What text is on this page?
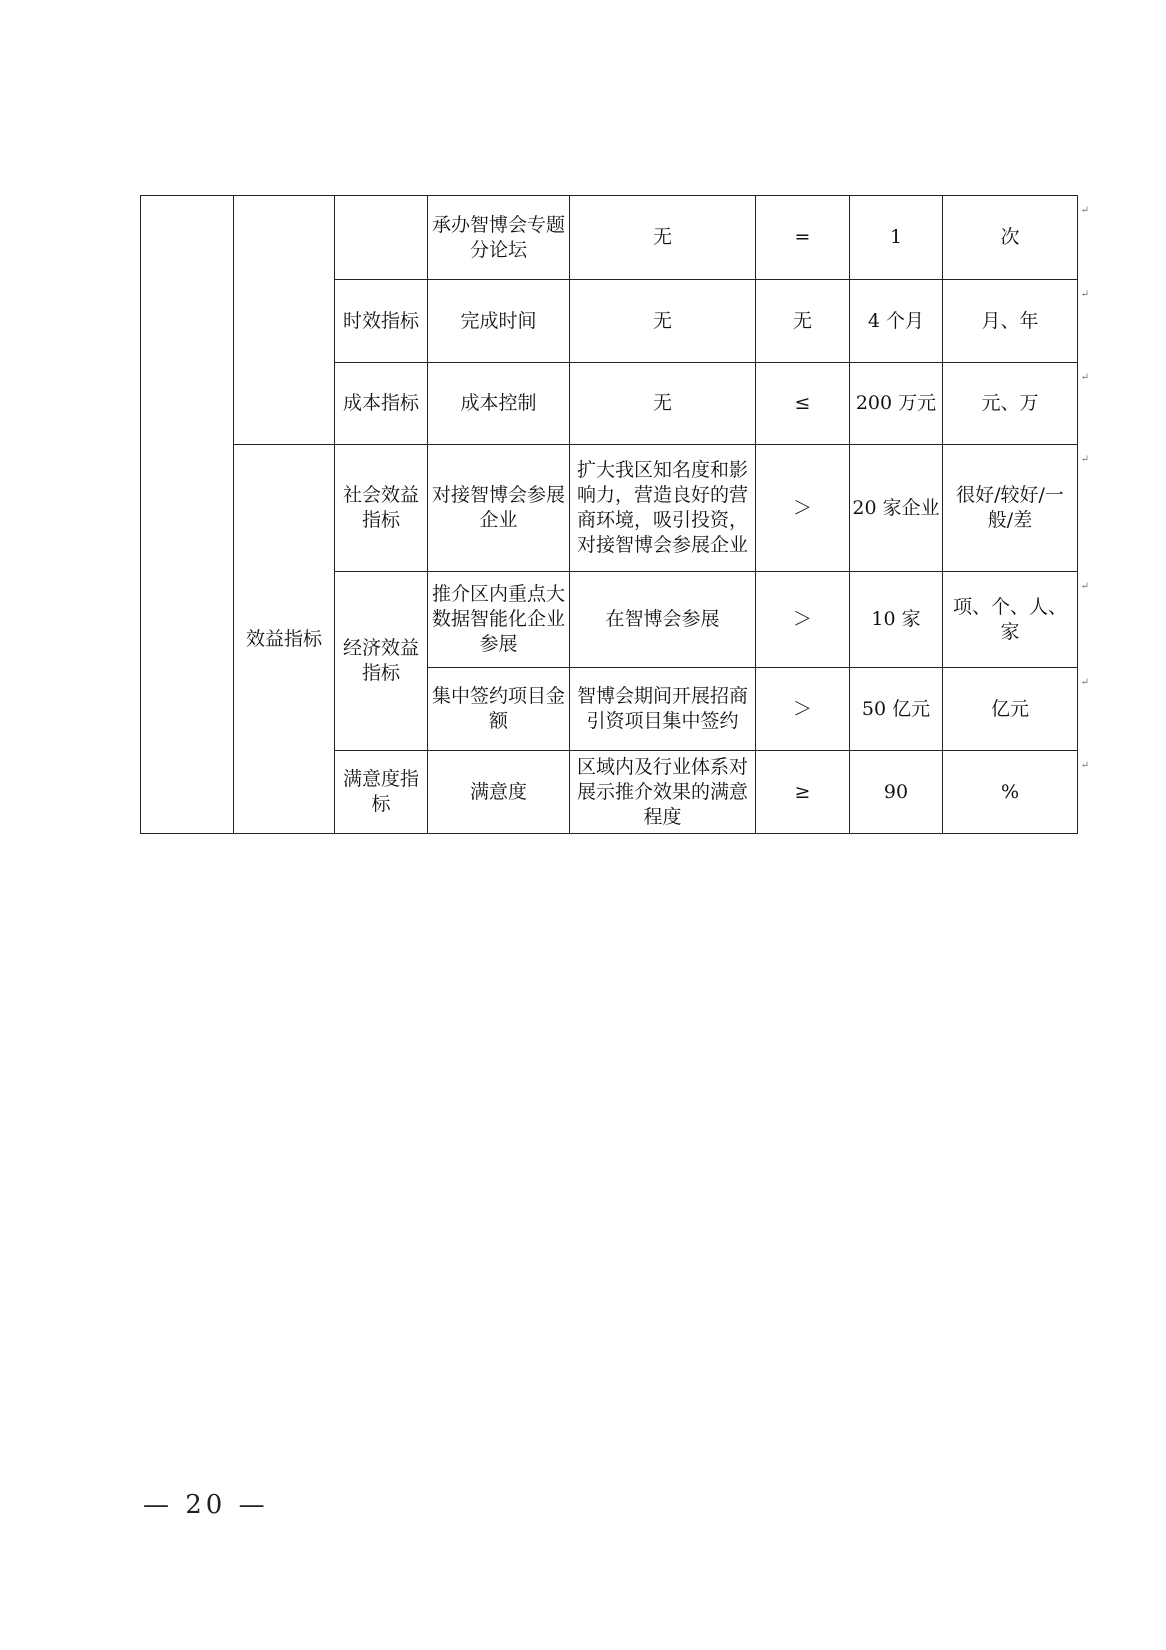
			承办智博会专题分论坛	无	=	1	次
↵

		时效指标	完成时间	无	无	4 个月	月、年
↵

		成本指标	成本控制	无	≤	200 万元	元、万
↵

	效益指标	社会效益指标	对接智博会参展企业	扩大我区知名度和影响力，营造良好的营商环境，吸引投资，对接智博会参展企业	＞	20 家企业	很好/较好/一般/差
↵

		经济效益指标	推介区内重点大数据智能化企业参展	在智博会参展	＞	10 家	项、个、人、家
↵

			集中签约项目金额	智博会期间开展招商引资项目集中签约	＞	50 亿元	亿元
↵

		满意度指标	满意度	区域内及行业体系对展示推介效果的满意程度	≥	90	%
↵
— 20 —
